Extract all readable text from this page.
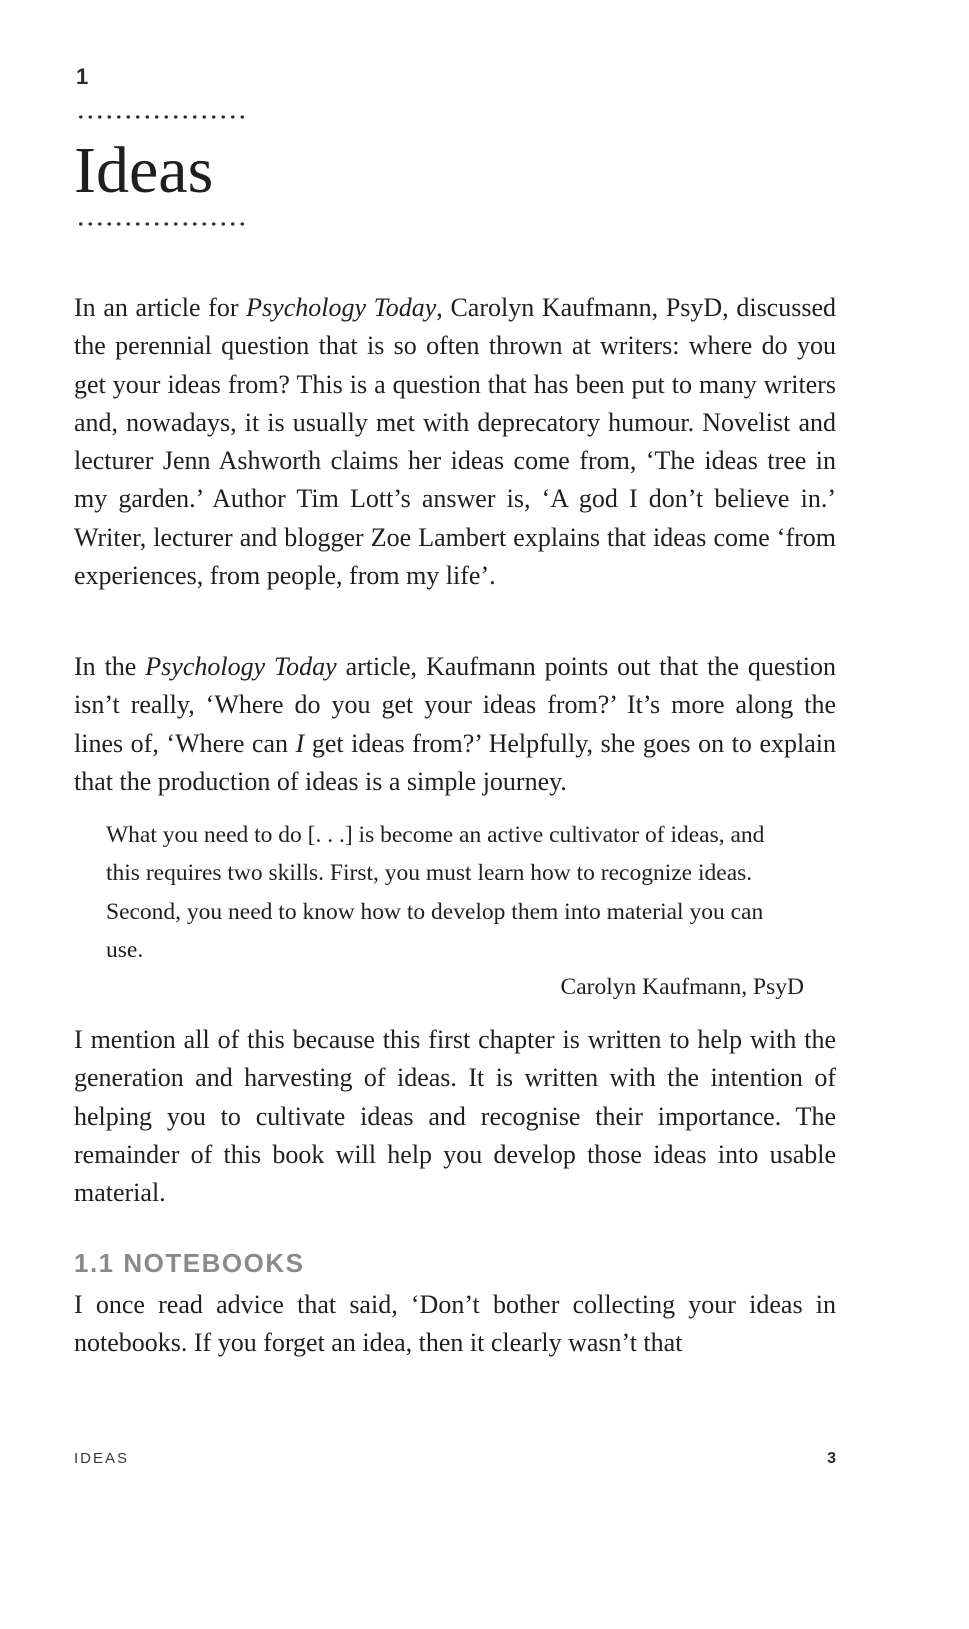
1
Ideas

In an article for Psychology Today, Carolyn Kaufmann, PsyD, discussed the perennial question that is so often thrown at writers: where do you get your ideas from? This is a question that has been put to many writers and, nowadays, it is usually met with deprecatory humour. Novelist and lecturer Jenn Ashworth claims her ideas come from, ‘The ideas tree in my garden.’ Author Tim Lott’s answer is, ‘A god I don’t believe in.’ Writer, lecturer and blogger Zoe Lambert explains that ideas come ‘from experiences, from people, from my life’.

In the Psychology Today article, Kaufmann points out that the question isn’t really, ‘Where do you get your ideas from?’ It’s more along the lines of, ‘Where can I get ideas from?’ Helpfully, she goes on to explain that the production of ideas is a simple journey.

What you need to do [. . .] is become an active cultivator of ideas, and this requires two skills. First, you must learn how to recognize ideas. Second, you need to know how to develop them into material you can use.

Carolyn Kaufmann, PsyD

I mention all of this because this first chapter is written to help with the generation and harvesting of ideas. It is written with the intention of helping you to cultivate ideas and recognise their importance. The remainder of this book will help you develop those ideas into usable material.

1.1 NOTEBOOKS

I once read advice that said, ‘Don’t bother collecting your ideas in notebooks. If you forget an idea, then it clearly wasn’t that

IDEAS	3
